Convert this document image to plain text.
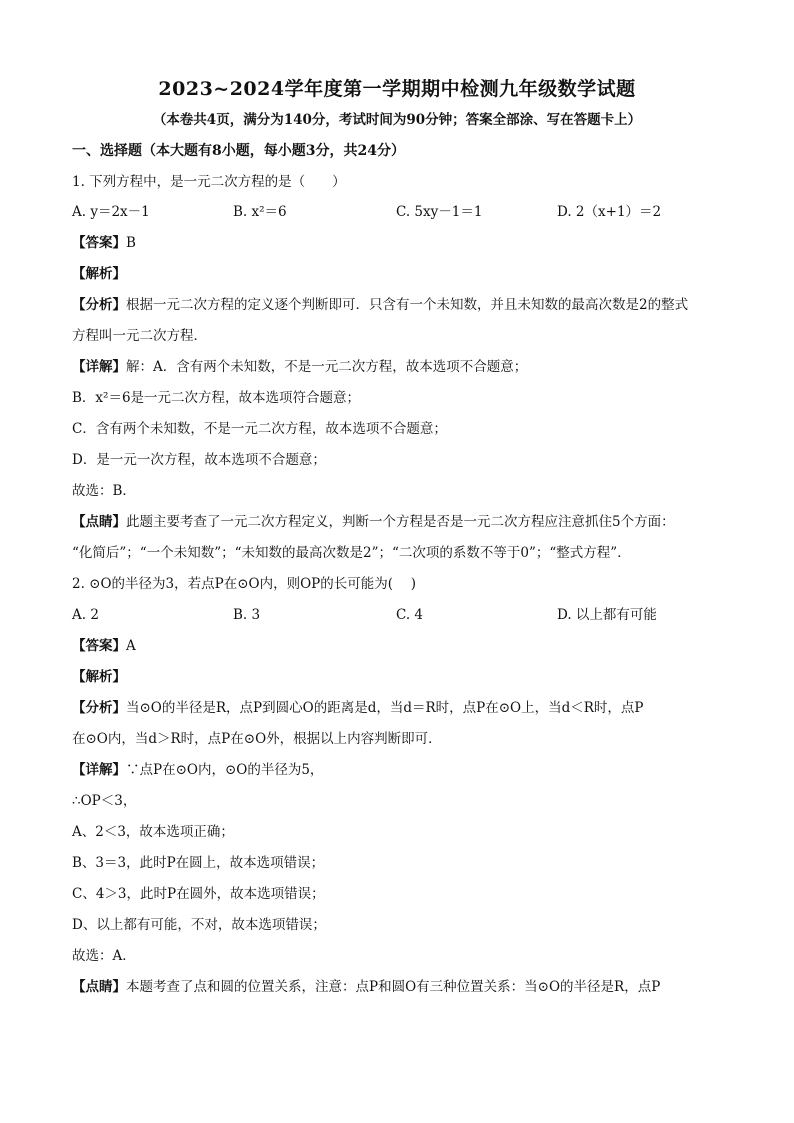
2023~2024学年度第一学期期中检测九年级数学试题
（本卷共4页，满分为140分，考试时间为90分钟；答案全部涂、写在答题卡上）
一、选择题（本大题有8小题，每小题3分，共24分）
1. 下列方程中，是一元二次方程的是（　　）
A. y＝2x－1	B. x²＝6	C. 5xy－1＝1	D. 2（x+1）＝2
【答案】B
【解析】
【分析】根据一元二次方程的定义逐个判断即可．只含有一个未知数，并且未知数的最高次数是2的整式
方程叫一元二次方程．
【详解】解：A．含有两个未知数，不是一元二次方程，故本选项不合题意；
B．x²＝6是一元二次方程，故本选项符合题意；
C．含有两个未知数，不是一元二次方程，故本选项不合题意；
D．是一元一次方程，故本选项不合题意；
故选：B．
【点睛】此题主要考查了一元二次方程定义，判断一个方程是否是一元二次方程应注意抓住5个方面：
“化简后”；“一个未知数”；“未知数的最高次数是2”；“二次项的系数不等于0”；“整式方程”．
2. ⊙O的半径为3，若点P在⊙O内，则OP的长可能为(　 )
A. 2	B. 3	C. 4	D. 以上都有可能
【答案】A
【解析】
【分析】当⊙O的半径是R，点P到圆心O的距离是d，当d＝R时，点P在⊙O上，当d＜R时，点P
在⊙O内，当d＞R时，点P在⊙O外，根据以上内容判断即可．
【详解】∵点P在⊙O内，⊙O的半径为5，
∴OP＜3，
A、2＜3，故本选项正确；
B、3＝3，此时P在圆上，故本选项错误；
C、4＞3，此时P在圆外，故本选项错误；
D、以上都有可能，不对，故本选项错误；
故选：A．
【点睛】本题考查了点和圆的位置关系，注意：点P和圆O有三种位置关系：当⊙O的半径是R，点P
